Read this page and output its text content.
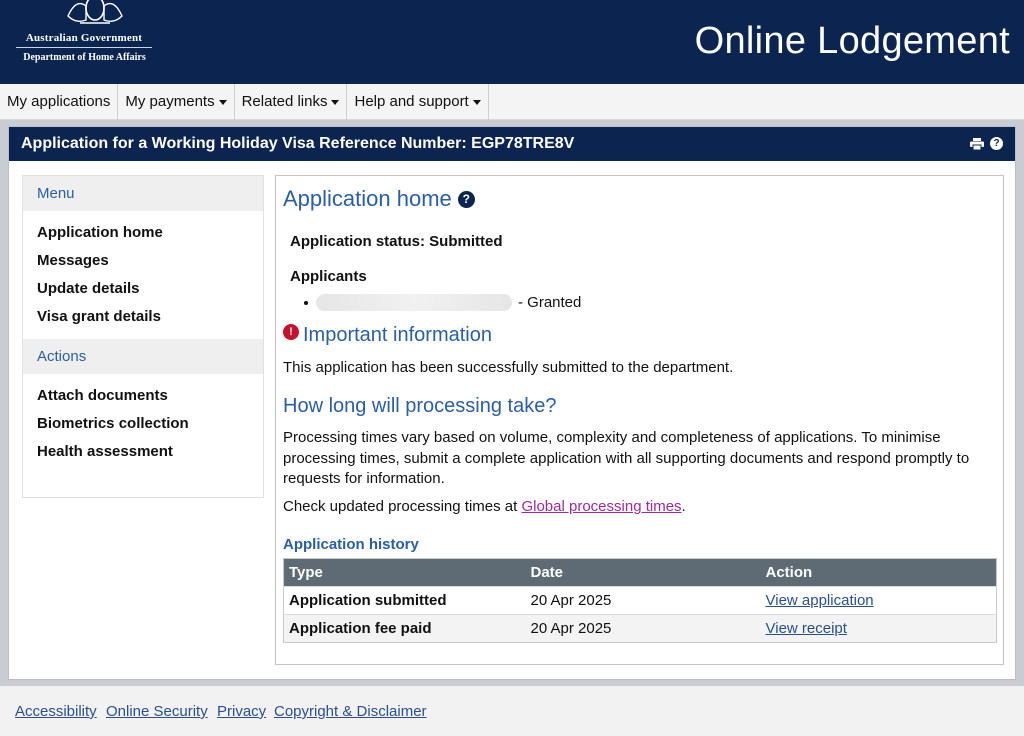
Australian Government
Department of Home Affairs	Online Lodgement
My applications	My payments	Related links	Help and support
Application for a Working Holiday Visa Reference Number: EGP78TRE8V	?
Menu
Application home
Messages
Update details
Visa grant details
Actions
Attach documents
Biometrics collection
Health assessment
Application home ?
Application status: Submitted
Applicants
- Granted
! Important information
This application has been successfully submitted to the department.
How long will processing take?
Processing times vary based on volume, complexity and completeness of applications. To minimise processing times, submit a complete application with all supporting documents and respond promptly to requests for information.
Check updated processing times at Global processing times.
Application history
Type	Date	Action
Application submitted	20 Apr 2025	View application
Application fee paid	20 Apr 2025	View receipt
Accessibility Online Security Privacy Copyright & Disclaimer
